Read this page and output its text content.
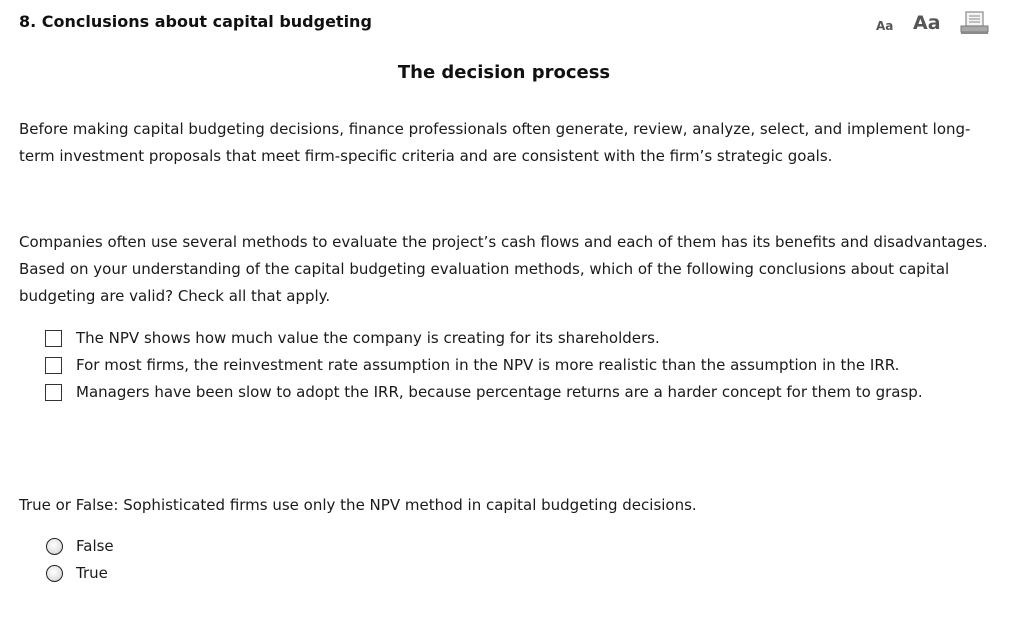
8. Conclusions about capital budgeting	Aa Aa
The decision process
Before making capital budgeting decisions, finance professionals often generate, review, analyze, select, and implement long-term investment proposals that meet firm-specific criteria and are consistent with the firm’s strategic goals.
Companies often use several methods to evaluate the project’s cash flows and each of them has its benefits and disadvantages. Based on your understanding of the capital budgeting evaluation methods, which of the following conclusions about capital budgeting are valid? Check all that apply.
The NPV shows how much value the company is creating for its shareholders.
For most firms, the reinvestment rate assumption in the NPV is more realistic than the assumption in the IRR.
Managers have been slow to adopt the IRR, because percentage returns are a harder concept for them to grasp.
True or False: Sophisticated firms use only the NPV method in capital budgeting decisions.
False
True
